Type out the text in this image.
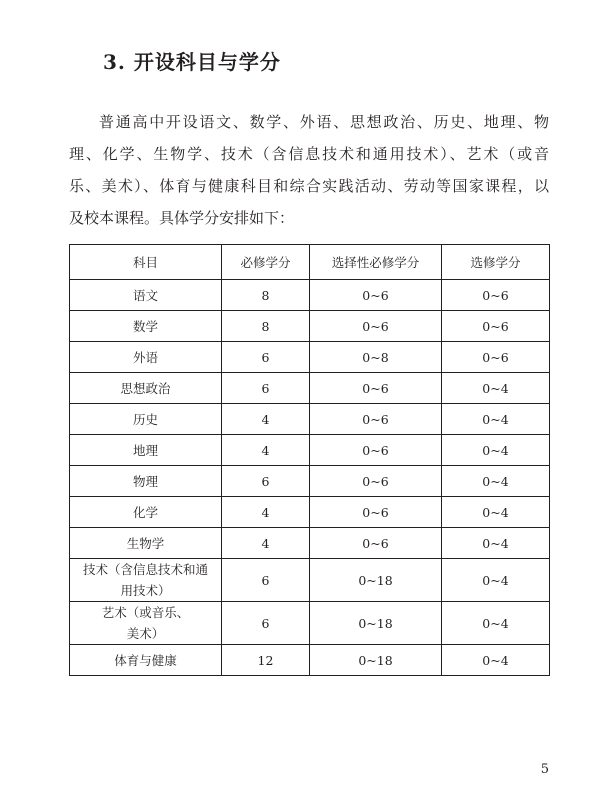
3. 开设科目与学分
普通高中开设语文、数学、外语、思想政治、历史、地理、物
理、化学、生物学、技术（含信息技术和通用技术）、艺术（或音
乐、美术）、体育与健康科目和综合实践活动、劳动等国家课程，以
及校本课程。具体学分安排如下：
科目	必修学分	选择性必修学分	选修学分

语文	8	0~6	0~6

数学	8	0~6	0~6

外语	6	0~8	0~6

思想政治	6	0~6	0~4

历史	4	0~6	0~4

地理	4	0~6	0~4

物理	6	0~6	0~4

化学	4	0~6	0~4

生物学	4	0~6	0~4

技术（含信息技术和通
用技术）	6	0~18	0~4

艺术（或音乐、
美术）	6	0~18	0~4

体育与健康	12	0~18	0~4
5
